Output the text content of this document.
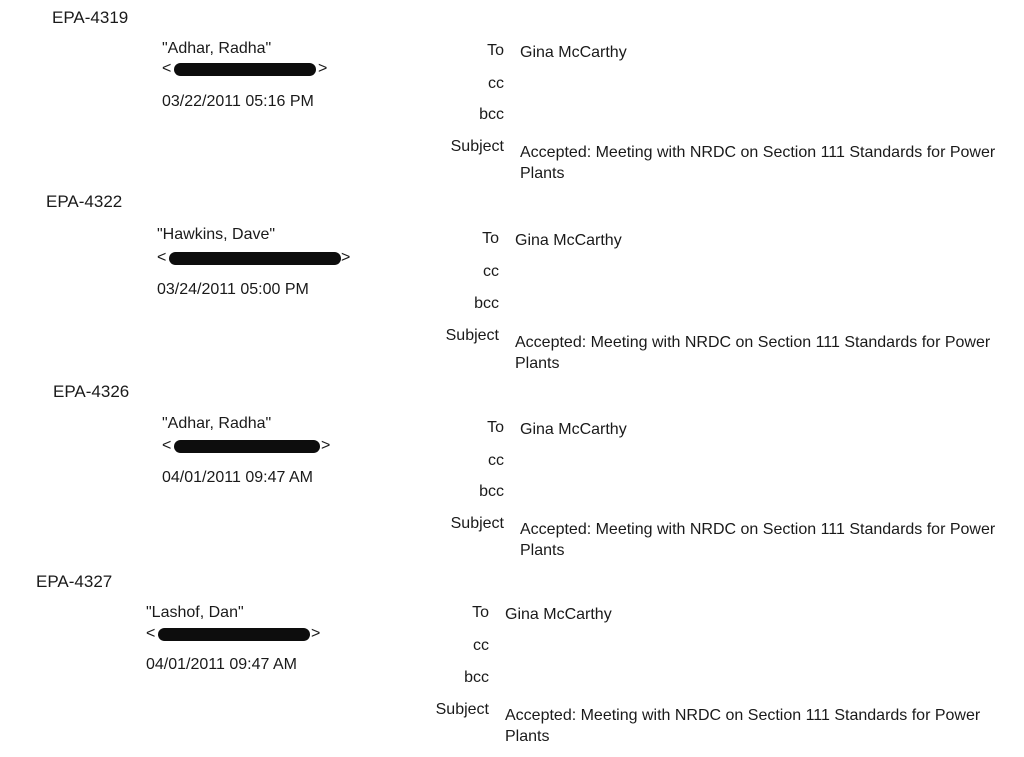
EPA-4319
"Adhar, Radha"
<	>
03/22/2011 05:16 PM
To Gina McCarthy
cc
bcc
Subject Accepted: Meeting with NRDC on Section 111 Standards for Power Plants
EPA-4322
"Hawkins, Dave"
<	>
03/24/2011 05:00 PM
To Gina McCarthy
cc
bcc
Subject Accepted: Meeting with NRDC on Section 111 Standards for Power Plants
EPA-4326
"Adhar, Radha"
<	>
04/01/2011 09:47 AM
To Gina McCarthy
cc
bcc
Subject Accepted: Meeting with NRDC on Section 111 Standards for Power Plants
EPA-4327
"Lashof, Dan"
<	>
04/01/2011 09:47 AM
To Gina McCarthy
cc
bcc
Subject Accepted: Meeting with NRDC on Section 111 Standards for Power Plants
